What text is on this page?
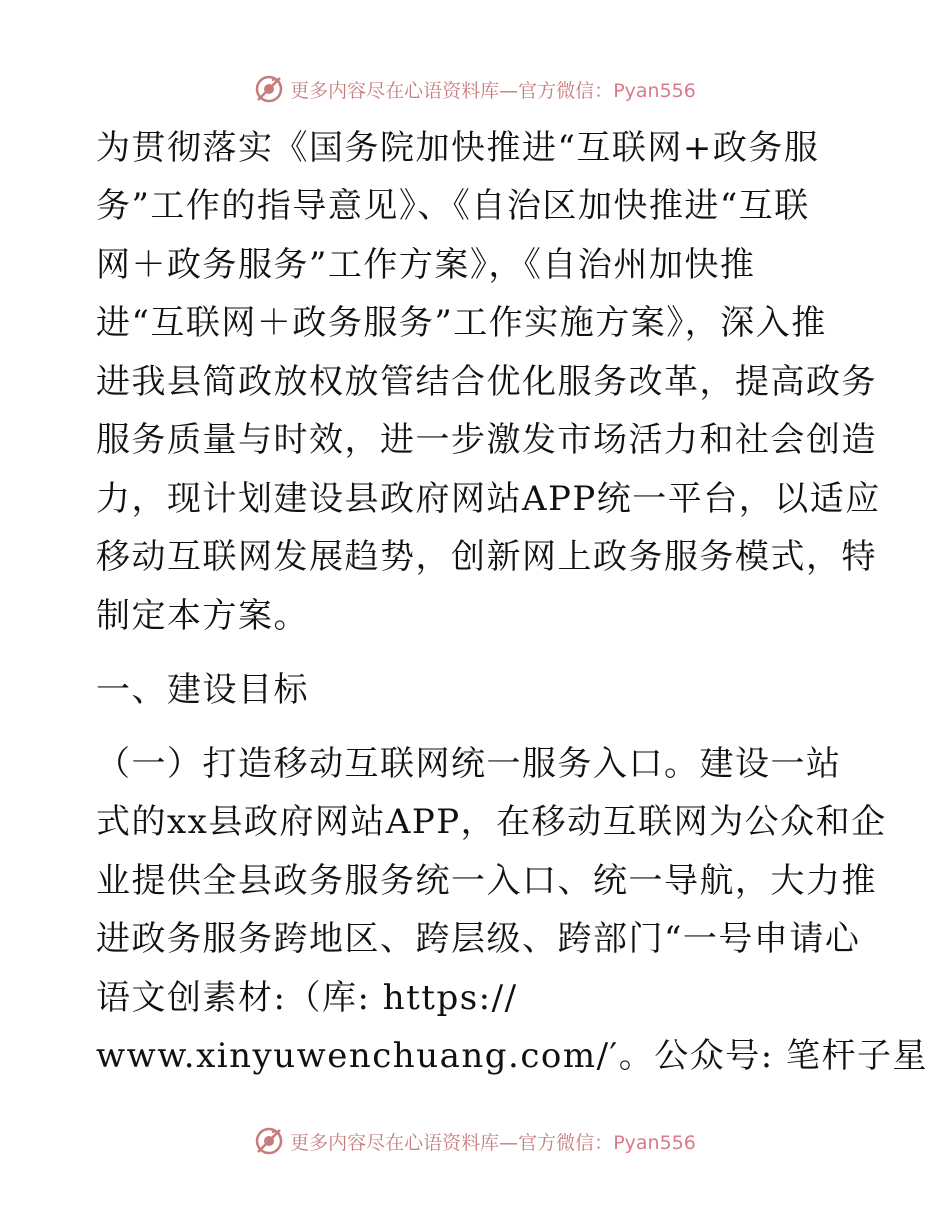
更多内容尽在心语资料库—官方微信：Pyan556
为贯彻落实《国务院加快推进“互联网+政务服
务”工作的指导意见》、《自治区加快推进“互联
网＋政务服务”工作方案》，《自治州加快推
进“互联网＋政务服务”工作实施方案》，深入推
进我县简政放权放管结合优化服务改革，提高政务
服务质量与时效，进一步激发市场活力和社会创造
力，现计划建设县政府网站APP统一平台，以适应
移动互联网发展趋势，创新网上政务服务模式，特
制定本方案。
一、建设目标
（一）打造移动互联网统一服务入口。建设一站
式的xx县政府网站APP，在移动互联网为公众和企
业提供全县政务服务统一入口、统一导航，大力推
进政务服务跨地区、跨层级、跨部门“一号申请心
语文创素材:（库: https://
www.xinyuwenchuang.com/′。公众号: 笔杆子星
更多内容尽在心语资料库—官方微信：Pyan556
